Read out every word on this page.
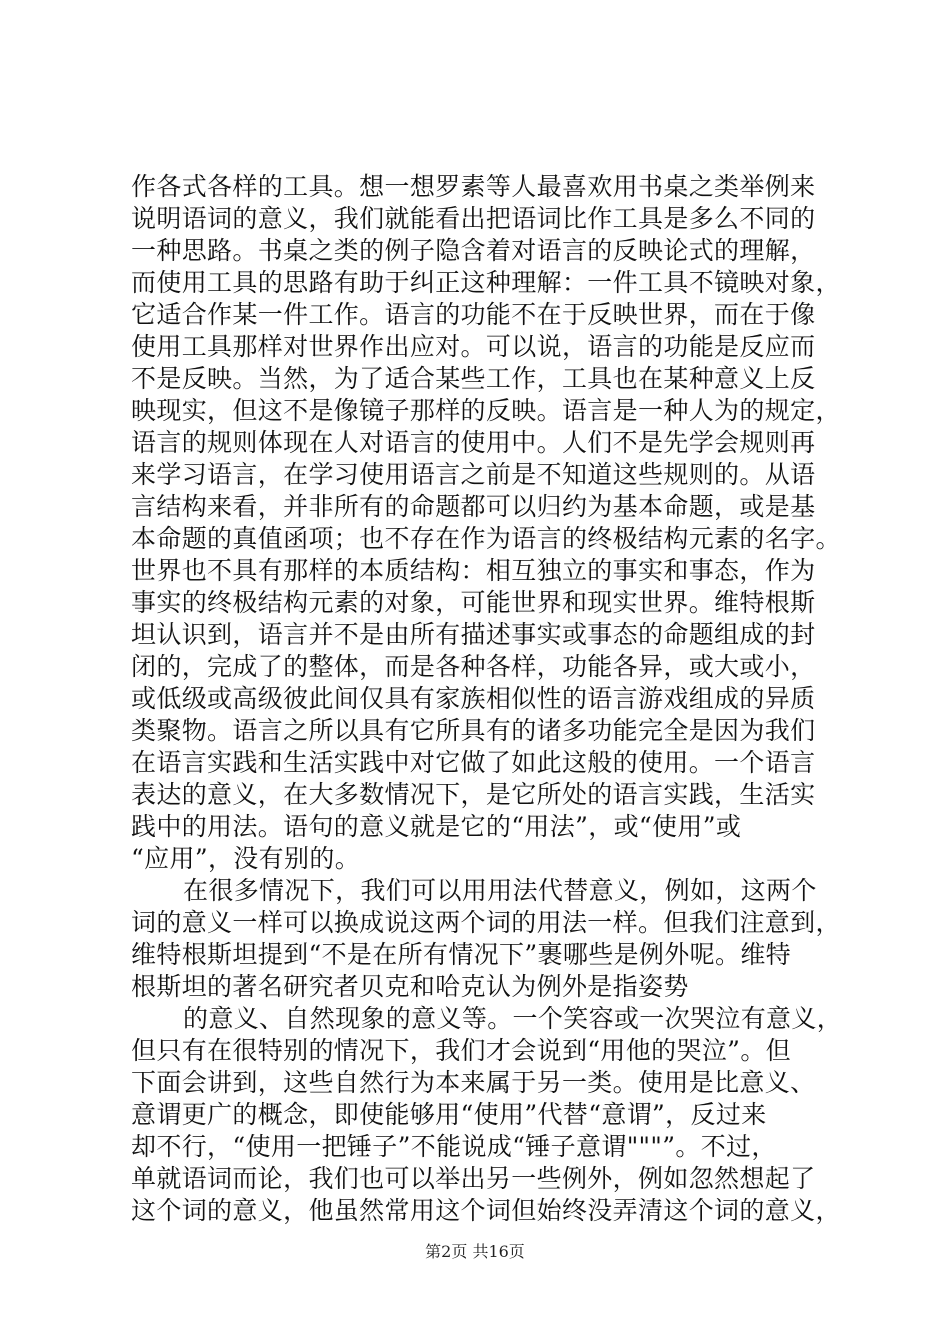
作各式各样的工具。想一想罗素等人最喜欢用书桌之类举例来
说明语词的意义，我们就能看出把语词比作工具是多么不同的
一种思路。书桌之类的例子隐含着对语言的反映论式的理解，
而使用工具的思路有助于纠正这种理解：一件工具不镜映对象，
它适合作某一件工作。语言的功能不在于反映世界，而在于像
使用工具那样对世界作出应对。可以说，语言的功能是反应而
不是反映。当然，为了适合某些工作，工具也在某种意义上反
映现实，但这不是像镜子那样的反映。语言是一种人为的规定，
语言的规则体现在人对语言的使用中。人们不是先学会规则再
来学习语言，在学习使用语言之前是不知道这些规则的。从语
言结构来看，并非所有的命题都可以归约为基本命题，或是基
本命题的真值函项；也不存在作为语言的终极结构元素的名字。
世界也不具有那样的本质结构：相互独立的事实和事态，作为
事实的终极结构元素的对象，可能世界和现实世界。维特根斯
坦认识到，语言并不是由所有描述事实或事态的命题组成的封
闭的，完成了的整体，而是各种各样，功能各异，或大或小，
或低级或高级彼此间仅具有家族相似性的语言游戏组成的异质
类聚物。语言之所以具有它所具有的诸多功能完全是因为我们
在语言实践和生活实践中对它做了如此这般的使用。一个语言
表达的意义，在大多数情况下，是它所处的语言实践，生活实
践中的用法。语句的意义就是它的“用法”，或“使用”或
“应用”，没有别的。
在很多情况下，我们可以用用法代替意义，例如，这两个
词的意义一样可以换成说这两个词的用法一样。但我们注意到，
维特根斯坦提到“不是在所有情况下”裹哪些是例外呢。维特
根斯坦的著名研究者贝克和哈克认为例外是指姿势
的意义、自然现象的意义等。一个笑容或一次哭泣有意义，
但只有在很特别的情况下，我们才会说到“用他的哭泣”。但
下面会讲到，这些自然行为本来属于另一类。使用是比意义、
意谓更广的概念，即使能够用“使用”代替“意谓”，反过来
却不行，“使用一把锤子”不能说成“锤子意谓"""”。不过，
单就语词而论，我们也可以举出另一些例外，例如忽然想起了
这个词的意义，他虽然常用这个词但始终没弄清这个词的意义，
第2页 共16页
